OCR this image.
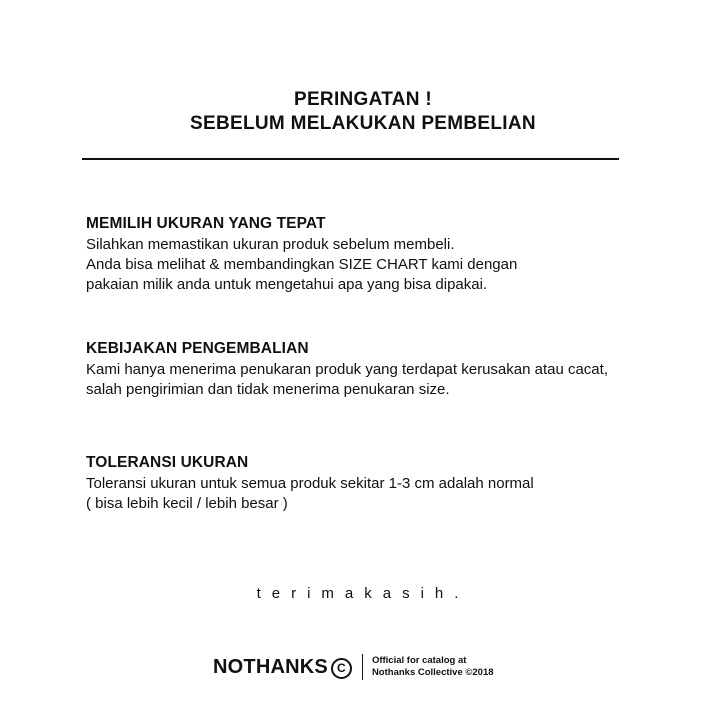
PERINGATAN !
SEBELUM MELAKUKAN PEMBELIAN
MEMILIH UKURAN YANG TEPAT
Silahkan memastikan ukuran produk sebelum membeli.
Anda bisa melihat & membandingkan SIZE CHART kami dengan
pakaian milik anda untuk mengetahui apa yang bisa dipakai.
KEBIJAKAN PENGEMBALIAN
Kami hanya menerima penukaran produk yang terdapat kerusakan atau cacat,
salah pengirimian dan tidak menerima penukaran size.
TOLERANSI UKURAN
Toleransi ukuran untuk semua produk sekitar 1-3 cm adalah normal
( bisa lebih kecil / lebih besar )
terimakasih.
NOTHANKS C	Official for catalog at
Nothanks Collective ©2018
